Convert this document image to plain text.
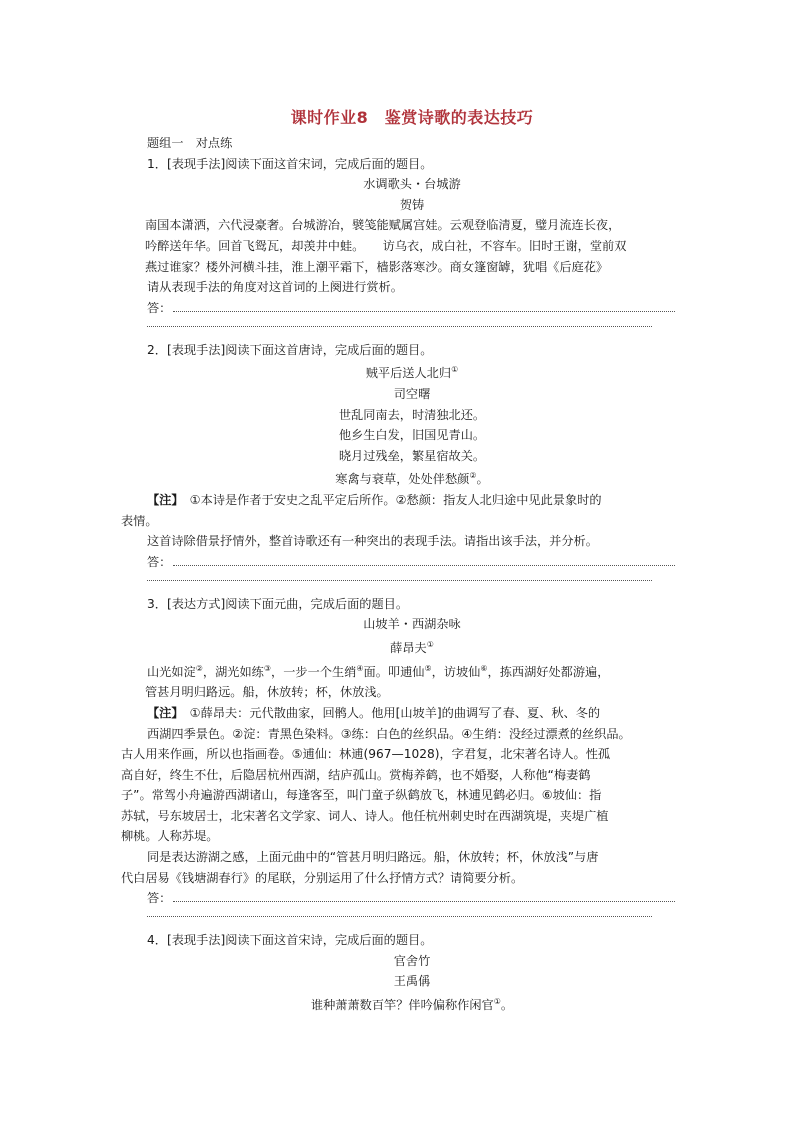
课时作业8　鉴赏诗歌的表达技巧
题组一　对点练
1．[表现手法]阅读下面这首宋词，完成后面的题目。
水调歌头・台城游
贺铸
南国本潇洒，六代浸豪奢。台城游冶，襞笺能赋属宫娃。云观登临清夏，璧月流连长夜，
吟醉送年华。回首飞鸳瓦，却羡井中蛙。　　访乌衣，成白社，不容车。旧时王谢，堂前双
燕过谁家？楼外河横斗挂，淮上潮平霜下，樯影落寒沙。商女篷窗罅，犹唱《后庭花》
请从表现手法的角度对这首词的上阕进行赏析。
答：
2．[表现手法]阅读下面这首唐诗，完成后面的题目。
贼平后送人北归①
司空曙
世乱同南去，时清独北还。
他乡生白发，旧国见青山。
晓月过残垒，繁星宿故关。
寒禽与衰草，处处伴愁颜②。
【注】　 ①本诗是作者于安史之乱平定后所作。②愁颜：指友人北归途中见此景象时的
表情。
这首诗除借景抒情外，整首诗歌还有一种突出的表现手法。请指出该手法，并分析。
答：
3．[表达方式]阅读下面元曲，完成后面的题目。
山坡羊・西湖杂咏
薛昂夫①
山光如淀②，湖光如练③，一步一个生绡④面。叩逋仙⑤，访坡仙⑥，拣西湖好处都游遍，
管甚月明归路远。船，休放转；杯，休放浅。
【注】　 ①薛昂夫：元代散曲家，回鹘人。他用[山坡羊]的曲调写了春、夏、秋、冬的
西湖四季景色。②淀：青黑色染料。③练：白色的丝织品。④生绡：没经过漂煮的丝织品。
古人用来作画，所以也指画卷。⑤逋仙：林逋(967—1028)，字君复，北宋著名诗人。性孤
高自好，终生不仕，后隐居杭州西湖，结庐孤山。赏梅养鹤，也不婚娶，人称他“梅妻鹤
子”。常驾小舟遍游西湖诸山，每逢客至，叫门童子纵鹤放飞，林逋见鹤必归。⑥坡仙：指
苏轼，号东坡居士，北宋著名文学家、词人、诗人。他任杭州刺史时在西湖筑堤，夹堤广植
柳桃。人称苏堤。
同是表达游湖之感，上面元曲中的“管甚月明归路远。船，休放转；杯，休放浅”与唐
代白居易《钱塘湖春行》的尾联，分别运用了什么抒情方式？请简要分析。
答：
4．[表现手法]阅读下面这首宋诗，完成后面的题目。
官舍竹
王禹偁
谁种萧萧数百竿？伴吟偏称作闲官①。
